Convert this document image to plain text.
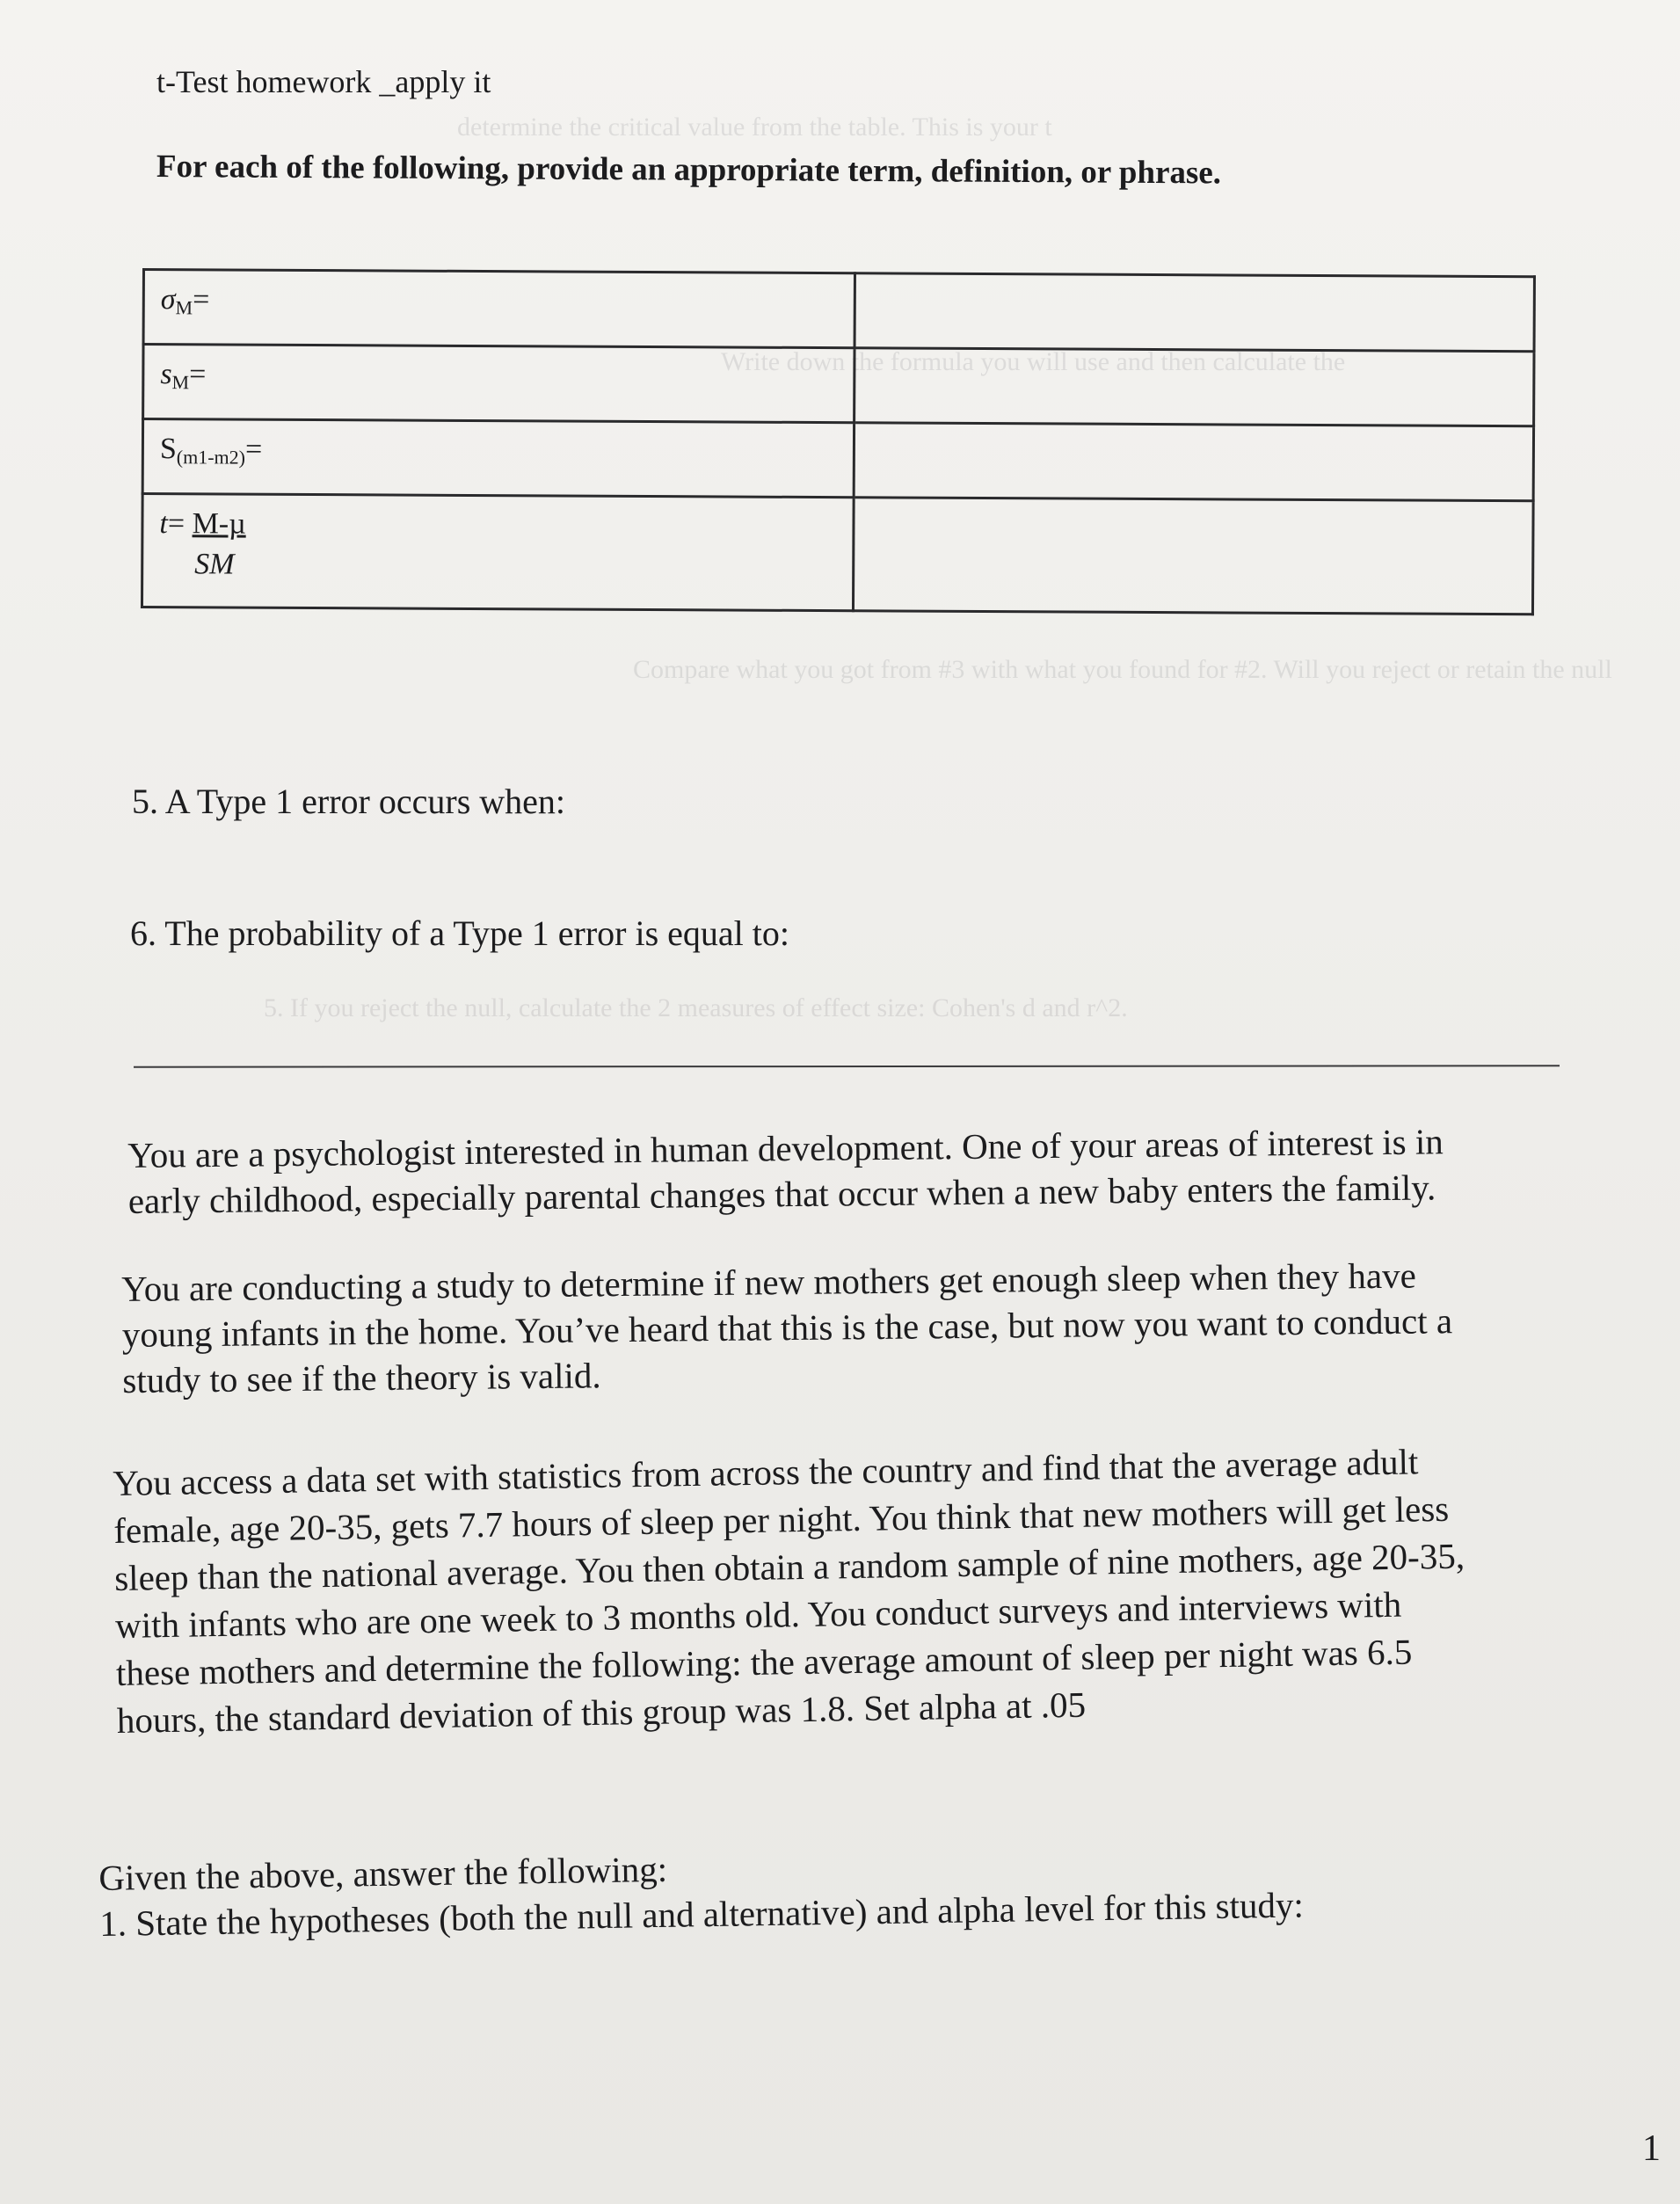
determine the critical value from the table. This is your t
Write down the formula you will use and then calculate the
Compare what you got from #3 with what you found for #2. Will you reject or retain the null
5. If you reject the null, calculate the 2 measures of effect size: Cohen's d and r^2.
t-Test homework _apply it
For each of the following, provide an appropriate term, definition, or phrase.
$\sigma_M=$	
$s_M=$	
$S_{(m1-m2)}=$	
t= M-µ
SM	

5. A Type 1 error occurs when:
6. The probability of a Type 1 error is equal to:
You are a psychologist interested in human development. One of your areas of interest is in
early childhood, especially parental changes that occur when a new baby enters the family.
You are conducting a study to determine if new mothers get enough sleep when they have
young infants in the home. You’ve heard that this is the case, but now you want to conduct a
study to see if the theory is valid.
You access a data set with statistics from across the country and find that the average adult
female, age 20-35, gets 7.7 hours of sleep per night. You think that new mothers will get less
sleep than the national average. You then obtain a random sample of nine mothers, age 20-35,
with infants who are one week to 3 months old. You conduct surveys and interviews with
these mothers and determine the following: the average amount of sleep per night was 6.5
hours, the standard deviation of this group was 1.8. Set alpha at .05
Given the above, answer the following:
1. State the hypotheses (both the null and alternative) and alpha level for this study:
1
